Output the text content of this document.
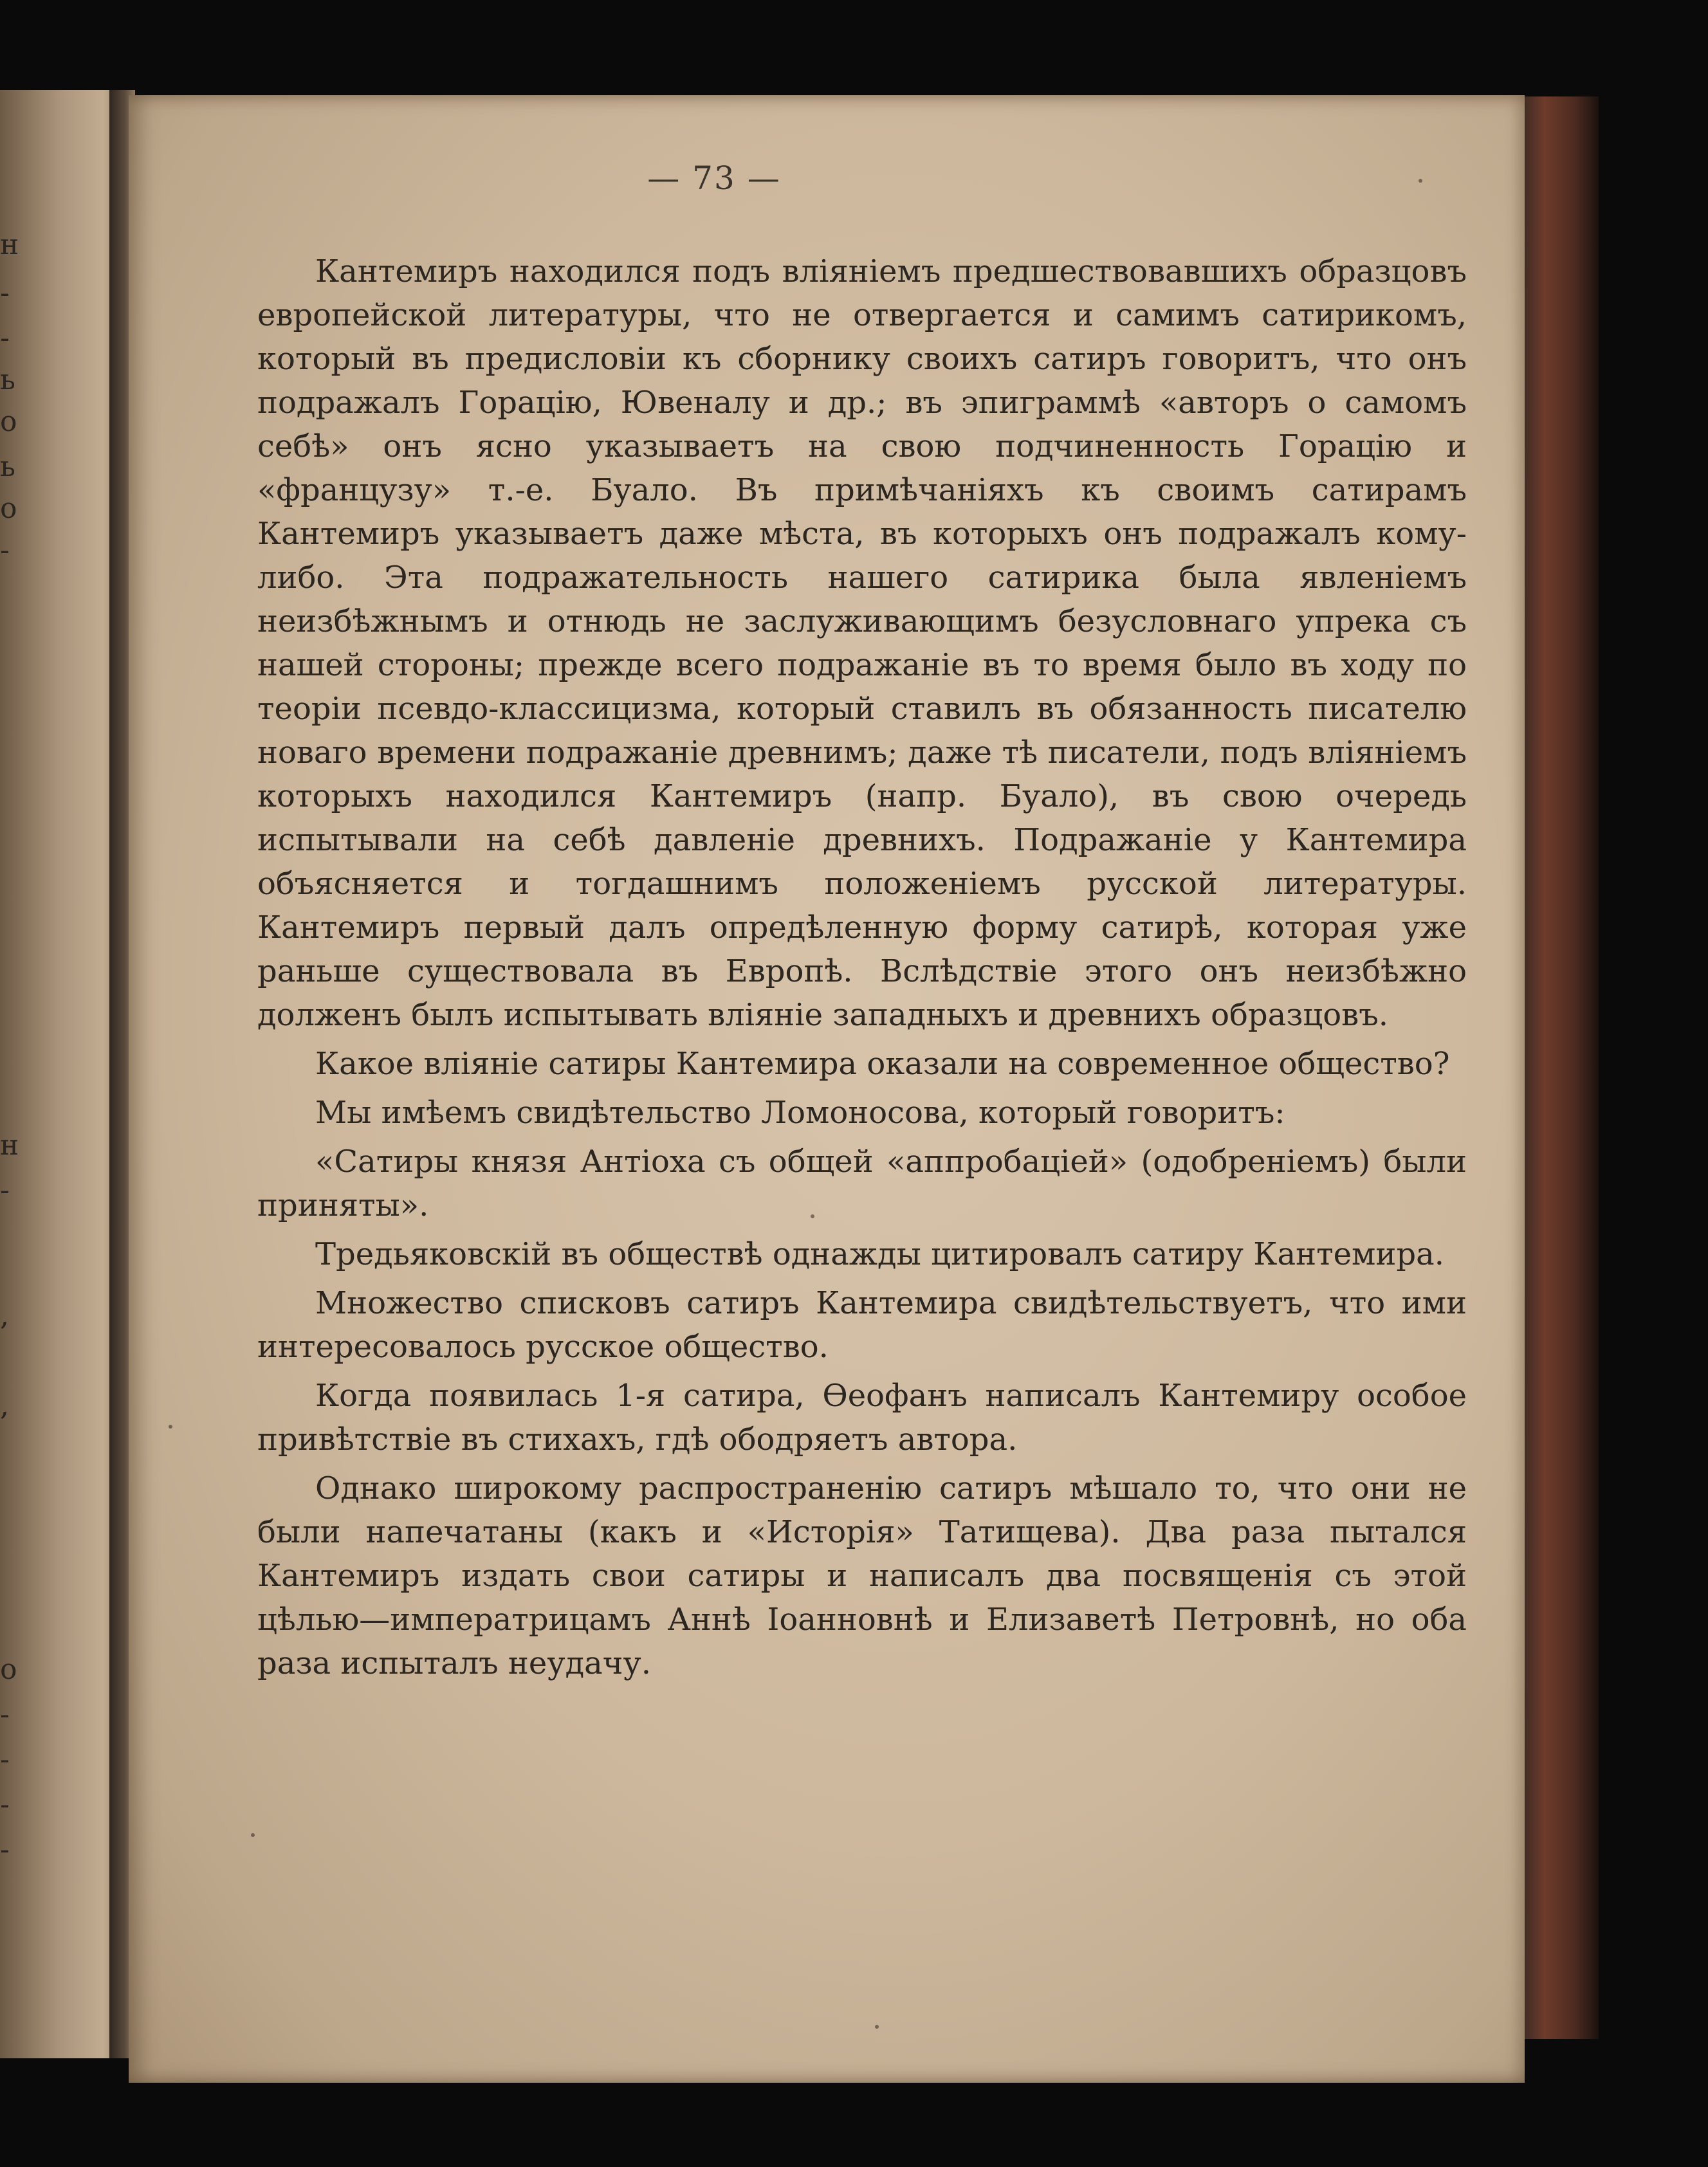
н
-
-
ь
о
ь
о
-
н
-
,
,
о
-
-
-
-
— 73 —

Кантемиръ находился подъ вліяніемъ предшествовавшихъ образцовъ европейской литературы, что не отвергается и самимъ сатирикомъ, который въ предисловіи къ сборнику своихъ сатиръ говоритъ, что онъ подражалъ Горацію, Ювеналу и др.; въ эпиграммѣ «авторъ о самомъ себѣ» онъ ясно указываетъ на свою подчиненность Горацію и «французу» т.-е. Буало. Въ примѣчаніяхъ къ своимъ сатирамъ Кантемиръ указываетъ даже мѣста, въ которыхъ онъ подражалъ кому-либо. Эта подражательность нашего сатирика была явленіемъ неизбѣжнымъ и отнюдь не заслуживающимъ безусловнаго упрека съ нашей стороны; прежде всего подражаніе въ то время было въ ходу по теоріи псевдо-классицизма, который ставилъ въ обязанность писателю новаго времени подражаніе древнимъ; даже тѣ писатели, подъ вліяніемъ которыхъ находился Кантемиръ (напр. Буало), въ свою очередь испытывали на себѣ давленіе древнихъ. Подражаніе у Кантемира объясняется и тогдашнимъ положеніемъ русской литературы. Кантемиръ первый далъ опредѣленную форму сатирѣ, которая уже раньше существовала въ Европѣ. Вслѣдствіе этого онъ неизбѣжно долженъ былъ испытывать вліяніе западныхъ и древнихъ образцовъ.

Какое вліяніе сатиры Кантемира оказали на современное общество?

Мы имѣемъ свидѣтельство Ломоносова, который говоритъ:

«Сатиры князя Антіоха съ общей «аппробаціей» (одобреніемъ) были приняты».

Тредьяковскій въ обществѣ однажды цитировалъ сатиру Кантемира.

Множество списковъ сатиръ Кантемира свидѣтельствуетъ, что ими интересовалось русское общество.

Когда появилась 1-я сатира, Ѳеофанъ написалъ Кантемиру особое привѣтствіе въ стихахъ, гдѣ ободряетъ автора.

Однако широкому распространенію сатиръ мѣшало то, что они не были напечатаны (какъ и «Исторія» Татищева). Два раза пытался Кантемиръ издать свои сатиры и написалъ два посвященія съ этой цѣлью—императрицамъ Аннѣ Іоанновнѣ и Елизаветѣ Петровнѣ, но оба раза испыталъ неудачу.
